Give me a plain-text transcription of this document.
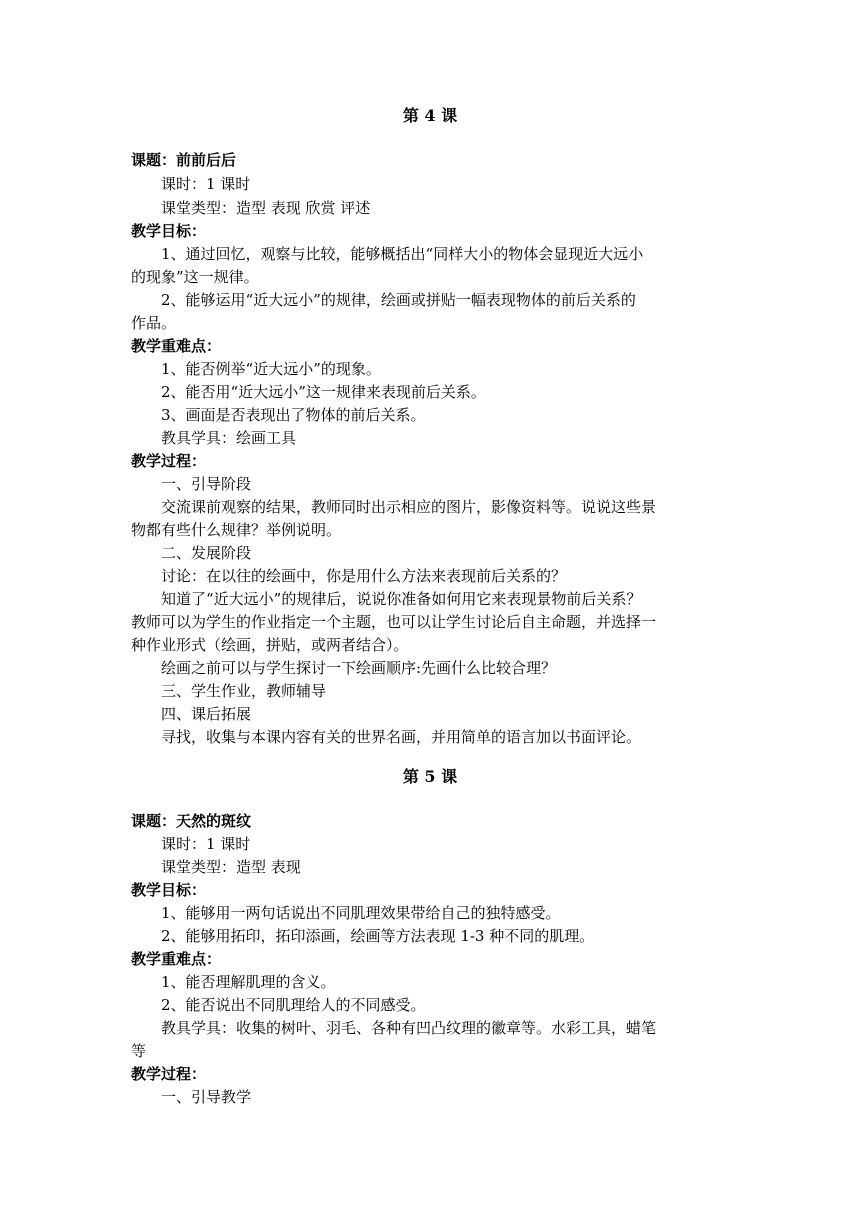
第 4 课
课题：前前后后
课时：1 课时
课堂类型：造型 表现 欣赏 评述
教学目标：
1、通过回忆，观察与比较，能够概括出“同样大小的物体会显现近大远小
的现象”这一规律。
2、能够运用“近大远小”的规律，绘画或拼贴一幅表现物体的前后关系的
作品。
教学重难点：
1、能否例举“近大远小”的现象。
2、能否用“近大远小”这一规律来表现前后关系。
3、画面是否表现出了物体的前后关系。
教具学具：绘画工具
教学过程：
一、引导阶段
交流课前观察的结果，教师同时出示相应的图片，影像资料等。说说这些景
物都有些什么规律？举例说明。
二、发展阶段
讨论：在以往的绘画中，你是用什么方法来表现前后关系的？
知道了“近大远小”的规律后，说说你准备如何用它来表现景物前后关系？
教师可以为学生的作业指定一个主题，也可以让学生讨论后自主命题，并选择一
种作业形式（绘画，拼贴，或两者结合）。
绘画之前可以与学生探讨一下绘画顺序:先画什么比较合理？
三、学生作业，教师辅导
四、课后拓展
寻找，收集与本课内容有关的世界名画，并用简单的语言加以书面评论。
第 5 课
课题：天然的斑纹
课时：1 课时
课堂类型：造型 表现
教学目标：
1、能够用一两句话说出不同肌理效果带给自己的独特感受。
2、能够用拓印，拓印添画，绘画等方法表现 1-3 种不同的肌理。
教学重难点：
1、能否理解肌理的含义。
2、能否说出不同肌理给人的不同感受。
教具学具：收集的树叶、羽毛、各种有凹凸纹理的徽章等。水彩工具，蜡笔
等
教学过程：
一、引导教学
